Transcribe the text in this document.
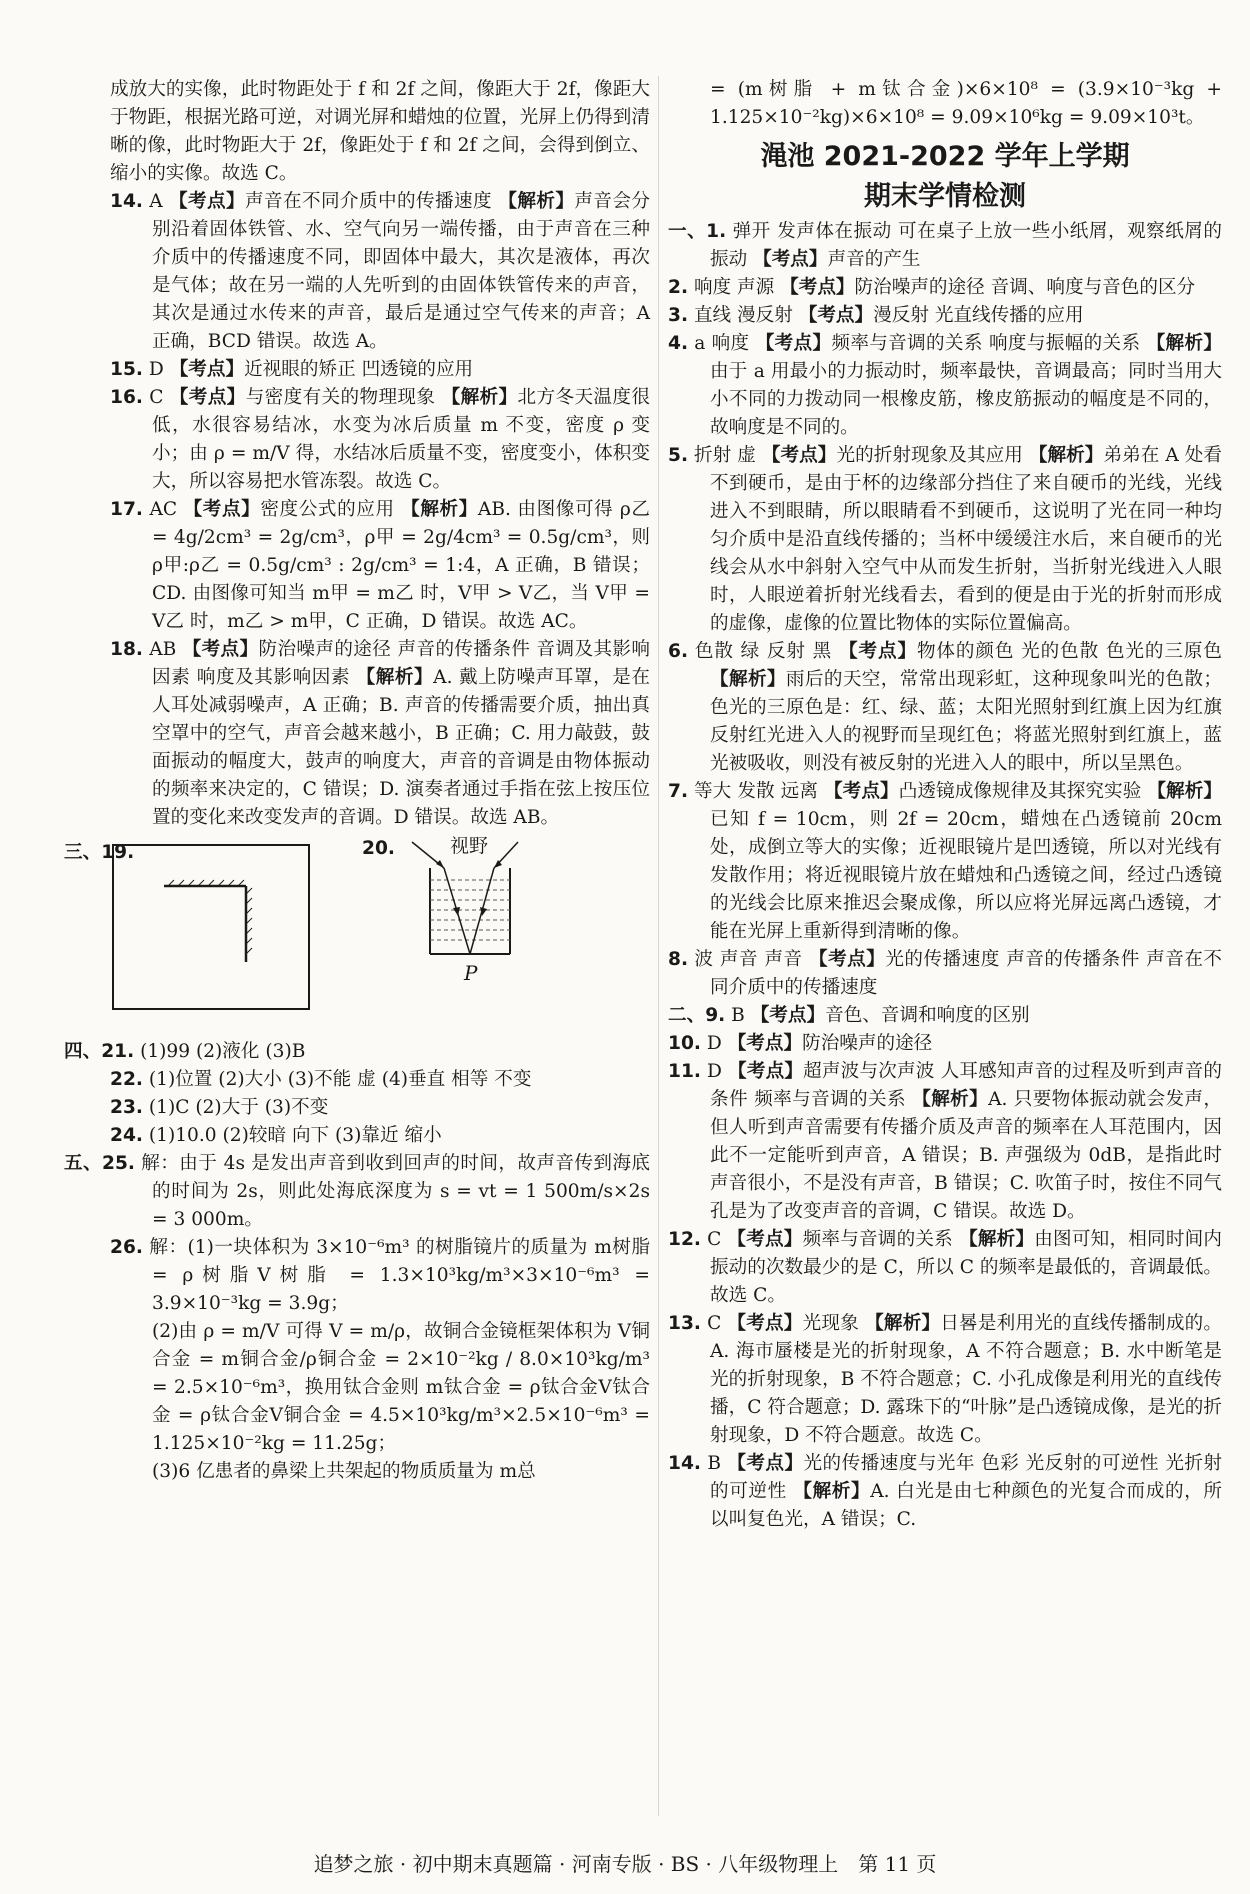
成放大的实像，此时物距处于 f 和 2f 之间，像距大于 2f，像距大于物距，根据光路可逆，对调光屏和蜡烛的位置，光屏上仍得到清晰的像，此时物距大于 2f，像距处于 f 和 2f 之间，会得到倒立、缩小的实像。故选 C。

14. A 【考点】声音在不同介质中的传播速度 【解析】声音会分别沿着固体铁管、水、空气向另一端传播，由于声音在三种介质中的传播速度不同，即固体中最大，其次是液体，再次是气体；故在另一端的人先听到的由固体铁管传来的声音，其次是通过水传来的声音，最后是通过空气传来的声音；A 正确，BCD 错误。故选 A。

15. D 【考点】近视眼的矫正 凹透镜的应用

16. C 【考点】与密度有关的物理现象 【解析】北方冬天温度很低，水很容易结冰，水变为冰后质量 m 不变，密度 ρ 变小；由 ρ = m/V 得，水结冰后质量不变，密度变小，体积变大，所以容易把水管冻裂。故选 C。

17. AC 【考点】密度公式的应用 【解析】AB. 由图像可得 ρ乙 = 4g/2cm³ = 2g/cm³，ρ甲 = 2g/4cm³ = 0.5g/cm³，则 ρ甲:ρ乙 = 0.5g/cm³ : 2g/cm³ = 1:4，A 正确，B 错误；CD. 由图像可知当 m甲 = m乙 时，V甲 > V乙，当 V甲 = V乙 时，m乙 > m甲，C 正确，D 错误。故选 AC。

18. AB 【考点】防治噪声的途径 声音的传播条件 音调及其影响因素 响度及其影响因素 【解析】A. 戴上防噪声耳罩，是在人耳处减弱噪声，A 正确；B. 声音的传播需要介质，抽出真空罩中的空气，声音会越来越小，B 正确；C. 用力敲鼓，鼓面振动的幅度大，鼓声的响度大，声音的音调是由物体振动的频率来决定的，C 错误；D. 演奏者通过手指在弦上按压位置的变化来改变发声的音调。D 错误。故选 AB。

三、19.	20.	视野
P

四、21. (1)99 (2)液化 (3)B

22. (1)位置 (2)大小 (3)不能 虚 (4)垂直 相等 不变

23. (1)C (2)大于 (3)不变

24. (1)10.0 (2)较暗 向下 (3)靠近 缩小

五、25. 解：由于 4s 是发出声音到收到回声的时间，故声音传到海底的时间为 2s，则此处海底深度为 s = vt = 1 500m/s×2s = 3 000m。

26. 解：(1)一块体积为 3×10⁻⁶m³ 的树脂镜片的质量为 m树脂 = ρ树脂V树脂 = 1.3×10³kg/m³×3×10⁻⁶m³ = 3.9×10⁻³kg = 3.9g；

(2)由 ρ = m/V 可得 V = m/ρ，故铜合金镜框架体积为 V铜合金 = m铜合金/ρ铜合金 = 2×10⁻²kg / 8.0×10³kg/m³ = 2.5×10⁻⁶m³，换用钛合金则 m钛合金 = ρ钛合金V钛合金 = ρ钛合金V铜合金 = 4.5×10³kg/m³×2.5×10⁻⁶m³ = 1.125×10⁻²kg = 11.25g；

(3)6 亿患者的鼻梁上共架起的物质质量为 m总

= (m树脂 + m钛合金)×6×10⁸ = (3.9×10⁻³kg + 1.125×10⁻²kg)×6×10⁸ = 9.09×10⁶kg = 9.09×10³t。

渑池 2021-2022 学年上学期
期末学情检测

一、1. 弹开 发声体在振动 可在桌子上放一些小纸屑，观察纸屑的振动 【考点】声音的产生

2. 响度 声源 【考点】防治噪声的途径 音调、响度与音色的区分

3. 直线 漫反射 【考点】漫反射 光直线传播的应用

4. a 响度 【考点】频率与音调的关系 响度与振幅的关系 【解析】由于 a 用最小的力振动时，频率最快，音调最高；同时当用大小不同的力拨动同一根橡皮筋，橡皮筋振动的幅度是不同的，故响度是不同的。

5. 折射 虚 【考点】光的折射现象及其应用 【解析】弟弟在 A 处看不到硬币，是由于杯的边缘部分挡住了来自硬币的光线，光线进入不到眼睛，所以眼睛看不到硬币，这说明了光在同一种均匀介质中是沿直线传播的；当杯中缓缓注水后，来自硬币的光线会从水中斜射入空气中从而发生折射，当折射光线进入人眼时，人眼逆着折射光线看去，看到的便是由于光的折射而形成的虚像，虚像的位置比物体的实际位置偏高。

6. 色散 绿 反射 黑 【考点】物体的颜色 光的色散 色光的三原色 【解析】雨后的天空，常常出现彩虹，这种现象叫光的色散；色光的三原色是：红、绿、蓝；太阳光照射到红旗上因为红旗反射红光进入人的视野而呈现红色；将蓝光照射到红旗上，蓝光被吸收，则没有被反射的光进入人的眼中，所以呈黑色。

7. 等大 发散 远离 【考点】凸透镜成像规律及其探究实验 【解析】已知 f = 10cm，则 2f = 20cm，蜡烛在凸透镜前 20cm 处，成倒立等大的实像；近视眼镜片是凹透镜，所以对光线有发散作用；将近视眼镜片放在蜡烛和凸透镜之间，经过凸透镜的光线会比原来推迟会聚成像，所以应将光屏远离凸透镜，才能在光屏上重新得到清晰的像。

8. 波 声音 声音 【考点】光的传播速度 声音的传播条件 声音在不同介质中的传播速度

二、9. B 【考点】音色、音调和响度的区别

10. D 【考点】防治噪声的途径

11. D 【考点】超声波与次声波 人耳感知声音的过程及听到声音的条件 频率与音调的关系 【解析】A. 只要物体振动就会发声，但人听到声音需要有传播介质及声音的频率在人耳范围内，因此不一定能听到声音，A 错误；B. 声强级为 0dB，是指此时声音很小，不是没有声音，B 错误；C. 吹笛子时，按住不同气孔是为了改变声音的音调，C 错误。故选 D。

12. C 【考点】频率与音调的关系 【解析】由图可知，相同时间内振动的次数最少的是 C，所以 C 的频率是最低的，音调最低。故选 C。

13. C 【考点】光现象 【解析】日晷是利用光的直线传播制成的。A. 海市蜃楼是光的折射现象，A 不符合题意；B. 水中断笔是光的折射现象，B 不符合题意；C. 小孔成像是利用光的直线传播，C 符合题意；D. 露珠下的“叶脉”是凸透镜成像，是光的折射现象，D 不符合题意。故选 C。

14. B 【考点】光的传播速度与光年 色彩 光反射的可逆性 光折射的可逆性 【解析】A. 白光是由七种颜色的光复合而成的，所以叫复色光，A 错误；C.

追梦之旅 · 初中期末真题篇 · 河南专版 · BS · 八年级物理上　第 11 页
